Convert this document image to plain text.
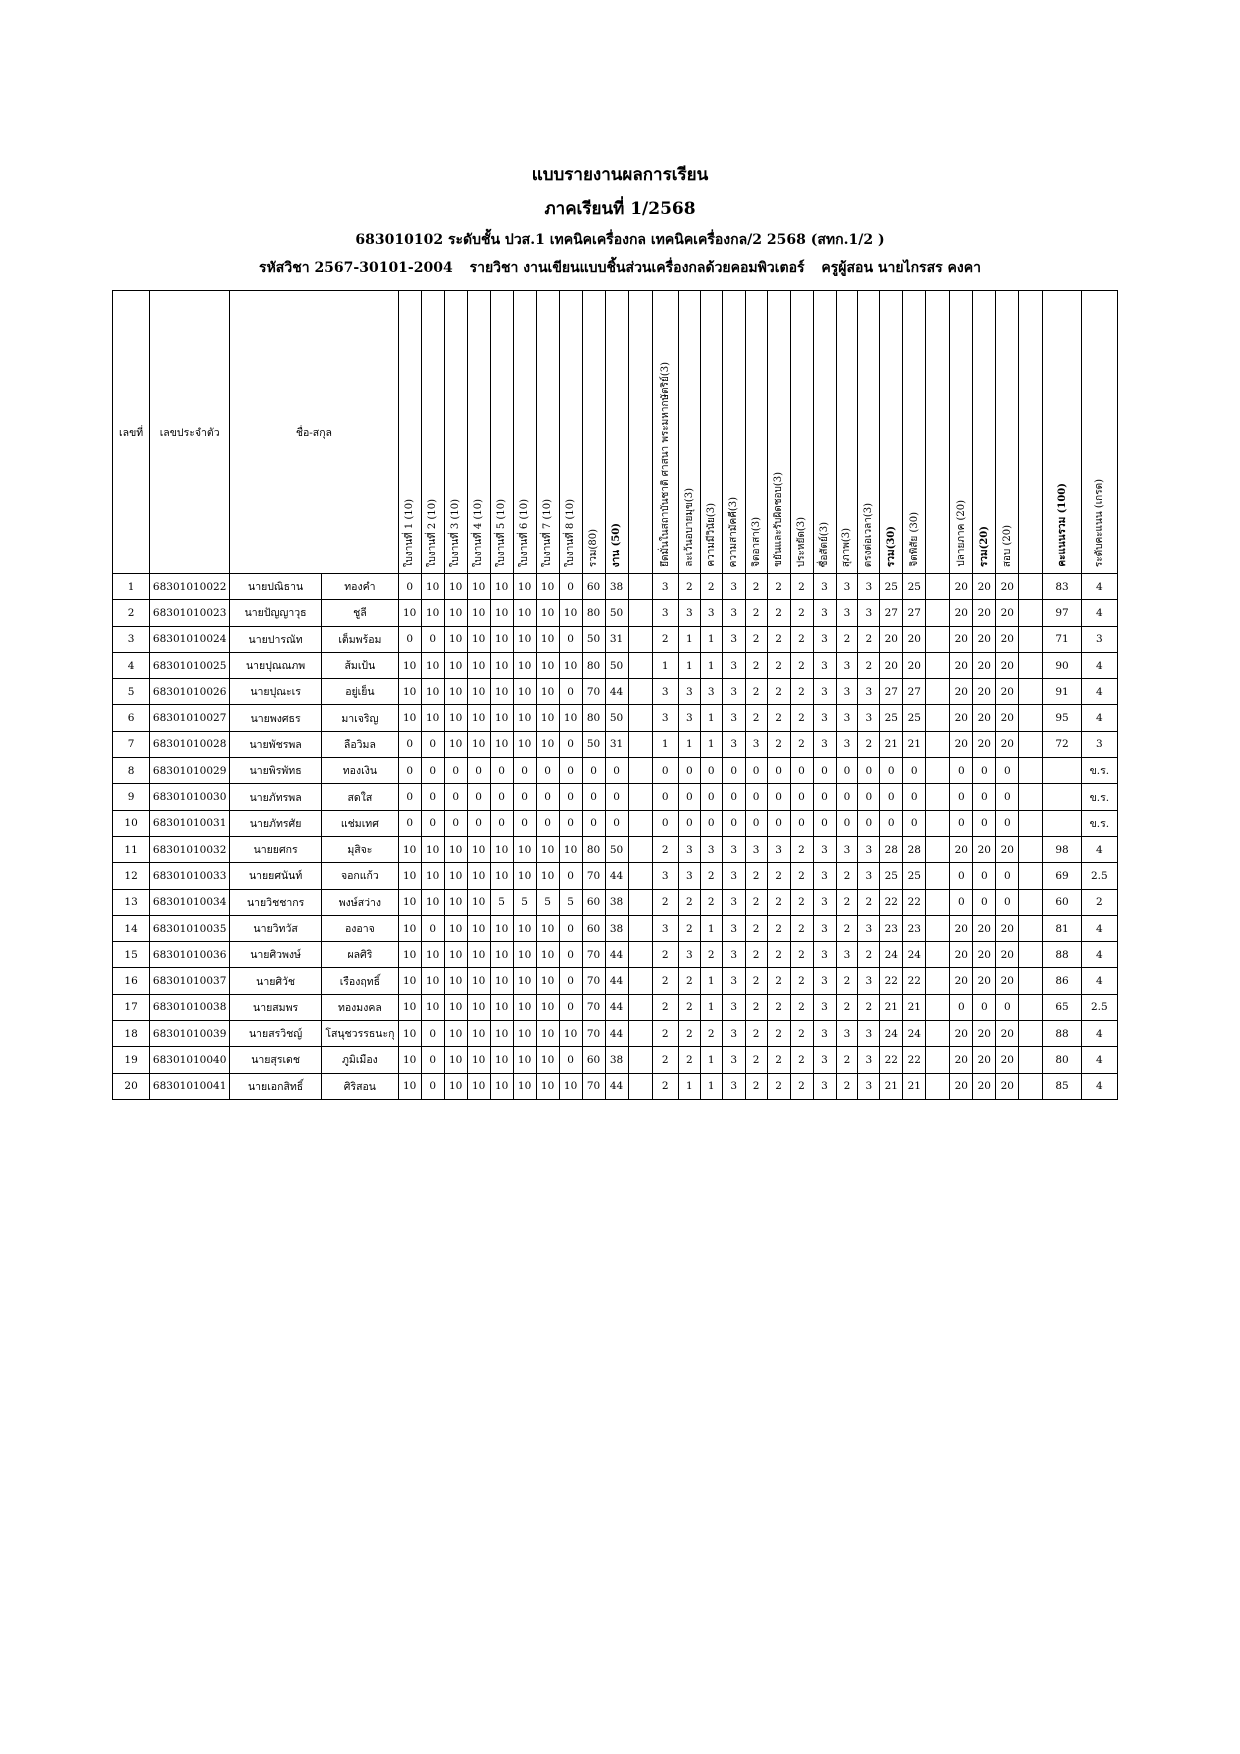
แบบรายงานผลการเรียน
ภาคเรียนที่ 1/2568
683010102 ระดับชั้น ปวส.1 เทคนิคเครื่องกล เทคนิคเครื่องกล/2 2568 (สทก.1/2 )
รหัสวิชา 2567-30101-2004 รายวิชา งานเขียนแบบชิ้นส่วนเครื่องกลด้วยคอมพิวเตอร์ ครูผู้สอน นายไกรสร คงคา
เลขที่	เลขประจำตัว	ชื่อ-สกุล		ใบงานที่ 1 (10)	ใบงานที่ 2 (10)	ใบงานที่ 3 (10)	ใบงานที่ 4 (10)	ใบงานที่ 5 (10)	ใบงานที่ 6 (10)	ใบงานที่ 7 (10)	ใบงานที่ 8 (10)	รวม(80)	งาน (50)		ยึดมั่นในสถาบันชาติ ศาสนา พระมหากษัตริย์(3)	ละเว้นอบายมุข(3)	ความมีวินัย(3)	ความสามัคคี(3)	จิตอาสา(3)	ขยันและรับผิดชอบ(3)	ประหยัด(3)	ซื่อสัตย์(3)	สุภาพ(3)	ตรงต่อเวลา(3)	รวม(30)	จิตพิสัย (30)		ปลายภาค (20)	รวม(20)	สอบ (20)		คะแนนรวม (100)	ระดับคะแนน (เกรด)
1	68301010022	นายปณิธาน	ทองคำ	0	10	10	10	10	10	10	0	60	38		3	2	2	3	2	2	2	3	3	3	25	25		20	20	20		83	4
2	68301010023	นายปัญญาวุธ	ชูลี	10	10	10	10	10	10	10	10	80	50		3	3	3	3	2	2	2	3	3	3	27	27		20	20	20		97	4
3	68301010024	นายปารณัท	เต็มพร้อม	0	0	10	10	10	10	10	0	50	31		2	1	1	3	2	2	2	3	2	2	20	20		20	20	20		71	3
4	68301010025	นายปุณณภพ	ส้มเป้น	10	10	10	10	10	10	10	10	80	50		1	1	1	3	2	2	2	3	3	2	20	20		20	20	20		90	4
5	68301010026	นายปุณะเร	อยู่เย็น	10	10	10	10	10	10	10	0	70	44		3	3	3	3	2	2	2	3	3	3	27	27		20	20	20		91	4
6	68301010027	นายพงศธร	มาเจริญ	10	10	10	10	10	10	10	10	80	50		3	3	1	3	2	2	2	3	3	3	25	25		20	20	20		95	4
7	68301010028	นายพัชรพล	ลือวิมล	0	0	10	10	10	10	10	0	50	31		1	1	1	3	3	2	2	3	3	2	21	21		20	20	20		72	3
8	68301010029	นายพิรพัทธ	ทองเงิน	0	0	0	0	0	0	0	0	0	0		0	0	0	0	0	0	0	0	0	0	0	0		0	0	0			ข.ร.
9	68301010030	นายภัทรพล	สดใส	0	0	0	0	0	0	0	0	0	0		0	0	0	0	0	0	0	0	0	0	0	0		0	0	0			ข.ร.
10	68301010031	นายภัทรศัย	แช่มเทศ	0	0	0	0	0	0	0	0	0	0		0	0	0	0	0	0	0	0	0	0	0	0		0	0	0			ข.ร.
11	68301010032	นายยศกร	มุสิจะ	10	10	10	10	10	10	10	10	80	50		2	3	3	3	3	3	2	3	3	3	28	28		20	20	20		98	4
12	68301010033	นายยศนันท์	จอกแก้ว	10	10	10	10	10	10	10	0	70	44		3	3	2	3	2	2	2	3	2	3	25	25		0	0	0		69	2.5
13	68301010034	นายวิชชากร	พงษ์สว่าง	10	10	10	10	5	5	5	5	60	38		2	2	2	3	2	2	2	3	2	2	22	22		0	0	0		60	2
14	68301010035	นายวิทวัส	องอาจ	10	0	10	10	10	10	10	0	60	38		3	2	1	3	2	2	2	3	2	3	23	23		20	20	20		81	4
15	68301010036	นายศิวพงษ์	ผลศิริ	10	10	10	10	10	10	10	0	70	44		2	3	2	3	2	2	2	3	3	2	24	24		20	20	20		88	4
16	68301010037	นายศิวัช	เรืองฤทธิ์	10	10	10	10	10	10	10	0	70	44		2	2	1	3	2	2	2	3	2	3	22	22		20	20	20		86	4
17	68301010038	นายสมพร	ทองมงคล	10	10	10	10	10	10	10	0	70	44		2	2	1	3	2	2	2	3	2	2	21	21		0	0	0		65	2.5
18	68301010039	นายสรวิชญ์	โสนุชวรรธนะกุ	10	0	10	10	10	10	10	10	70	44		2	2	2	3	2	2	2	3	3	3	24	24		20	20	20		88	4
19	68301010040	นายสุรเดช	ภูมิเมือง	10	0	10	10	10	10	10	0	60	38		2	2	1	3	2	2	2	3	2	3	22	22		20	20	20		80	4
20	68301010041	นายเอกสิทธิ์	ศิริสอน	10	0	10	10	10	10	10	10	70	44		2	1	1	3	2	2	2	3	2	3	21	21		20	20	20		85	4
